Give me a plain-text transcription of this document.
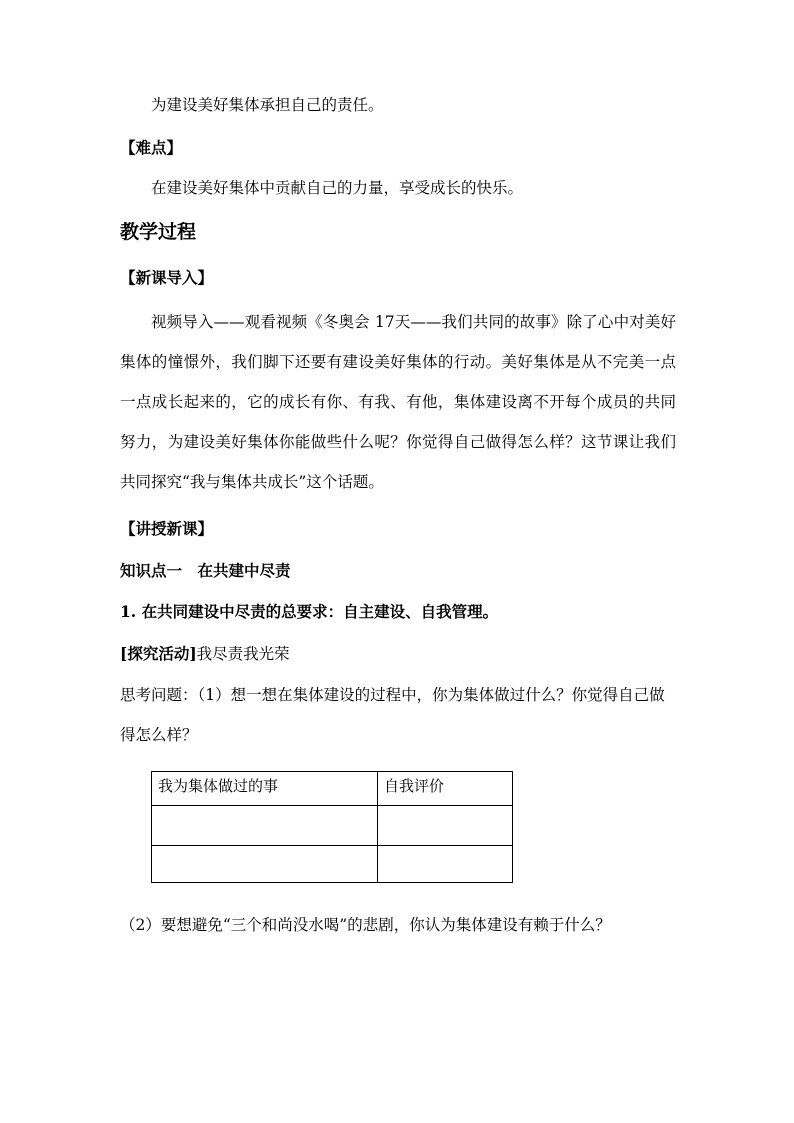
为建设美好集体承担自己的责任。
【难点】
在建设美好集体中贡献自己的力量，享受成长的快乐。
教学过程
【新课导入】
视频导入——观看视频《冬奥会 17天——我们共同的故事》除了心中对美好集体的憧憬外，我们脚下还要有建设美好集体的行动。美好集体是从不完美一点一点成长起来的，它的成长有你、有我、有他，集体建设离不开每个成员的共同努力，为建设美好集体你能做些什么呢？你觉得自己做得怎么样？这节课让我们共同探究“我与集体共成长”这个话题。
【讲授新课】
知识点一　在共建中尽责
1. 在共同建设中尽责的总要求：自主建设、自我管理。
[探究活动]我尽责我光荣
思考问题：（1）想一想在集体建设的过程中，你为集体做过什么？你觉得自己做得怎么样？
我为集体做过的事	自我评价

（2）要想避免“三个和尚没水喝”的悲剧，你认为集体建设有赖于什么？
